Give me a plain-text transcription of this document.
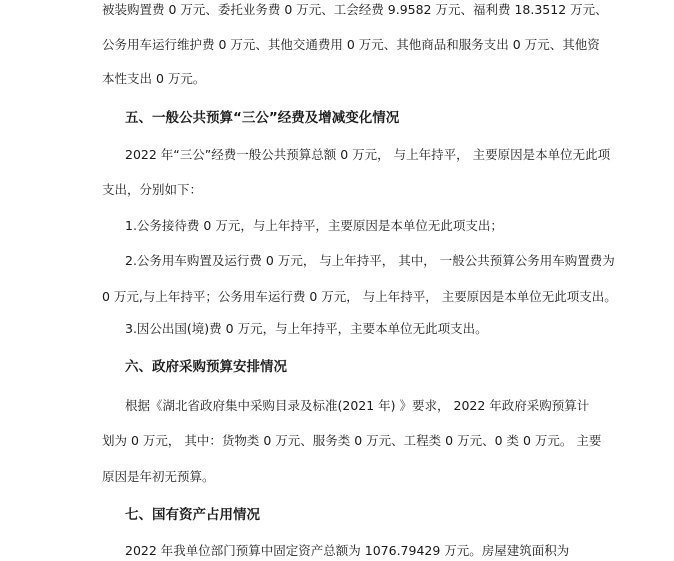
被装购置费 0 万元、委托业务费 0 万元、工会经费 9.9582 万元、福利费 18.3512 万元、
公务用车运行维护费 0 万元、其他交通费用 0 万元、其他商品和服务支出 0 万元、其他资
本性支出 0 万元。
五、一般公共预算“三公”经费及增减变化情况
2022 年“三公”经费一般公共预算总额 0 万元， 与上年持平， 主要原因是本单位无此项
支出，分别如下：
1.公务接待费 0 万元，与上年持平，主要原因是本单位无此项支出；
2.公务用车购置及运行费 0 万元， 与上年持平， 其中， 一般公共预算公务用车购置费为
0 万元,与上年持平；公务用车运行费 0 万元， 与上年持平， 主要原因是本单位无此项支出。
3.因公出国(境)费 0 万元，与上年持平，主要本单位无此项支出。
六、政府采购预算安排情况
根据《湖北省政府集中采购目录及标准(2021 年) 》要求， 2022 年政府采购预算计
划为 0 万元， 其中：货物类 0 万元、服务类 0 万元、工程类 0 万元、0 类 0 万元。 主要
原因是年初无预算。
七、国有资产占用情况
2022 年我单位部门预算中固定资产总额为 1076.79429 万元。房屋建筑面积为
